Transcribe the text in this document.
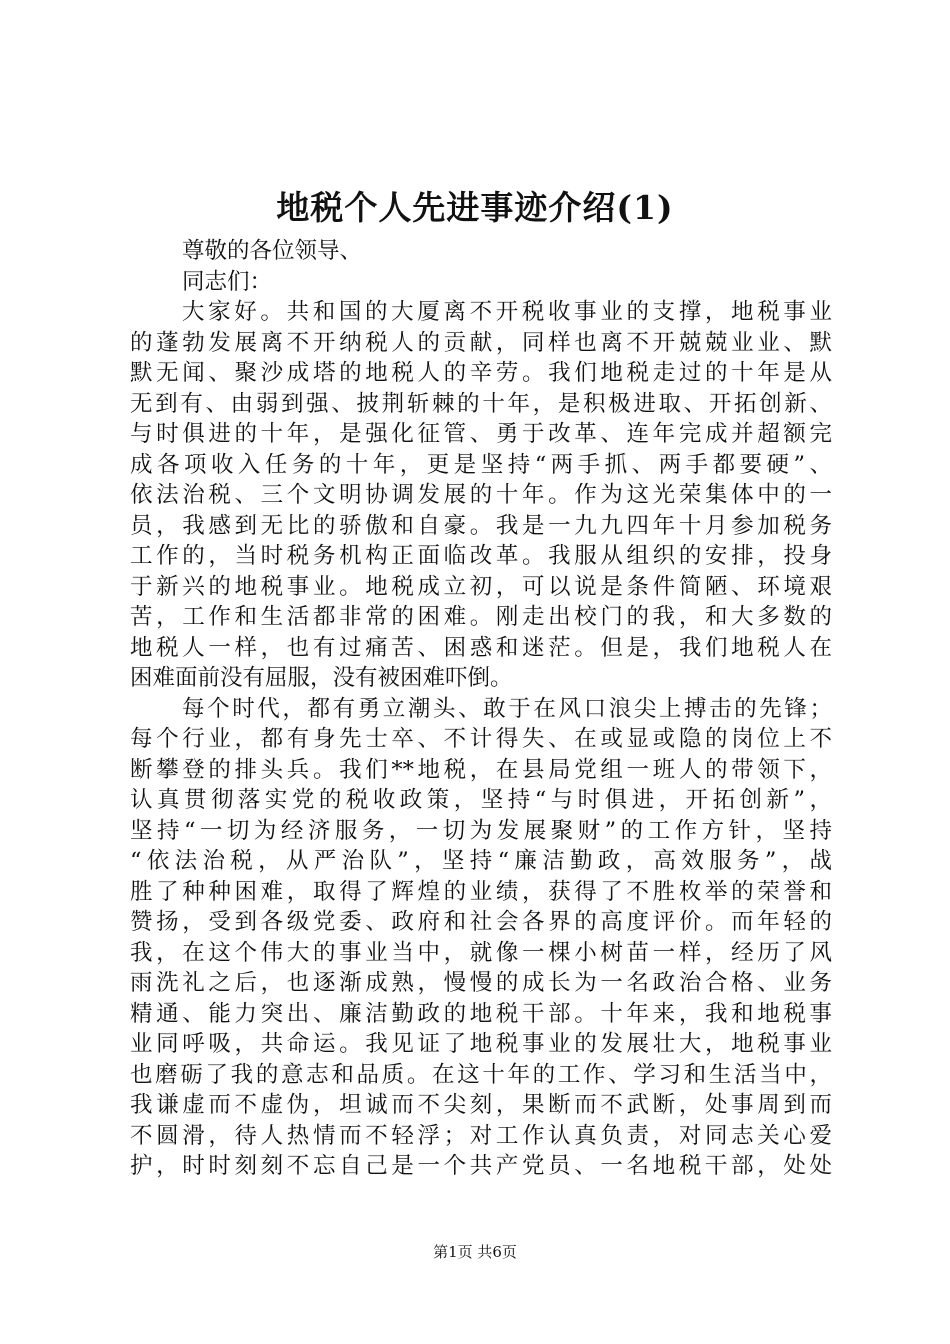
地税个人先进事迹介绍(1)
尊敬的各位领导、
同志们：
大家好。共和国的大厦离不开税收事业的支撑，地税事业
的蓬勃发展离不开纳税人的贡献，同样也离不开兢兢业业、默
默无闻、聚沙成塔的地税人的辛劳。我们地税走过的十年是从
无到有、由弱到强、披荆斩棘的十年，是积极进取、开拓创新、
与时俱进的十年，是强化征管、勇于改革、连年完成并超额完
成各项收入任务的十年，更是坚持“两手抓、两手都要硬”、
依法治税、三个文明协调发展的十年。作为这光荣集体中的一
员，我感到无比的骄傲和自豪。我是一九九四年十月参加税务
工作的，当时税务机构正面临改革。我服从组织的安排，投身
于新兴的地税事业。地税成立初，可以说是条件简陋、环境艰
苦，工作和生活都非常的困难。刚走出校门的我，和大多数的
地税人一样，也有过痛苦、困惑和迷茫。但是，我们地税人在
困难面前没有屈服，没有被困难吓倒。
每个时代，都有勇立潮头、敢于在风口浪尖上搏击的先锋；
每个行业，都有身先士卒、不计得失、在或显或隐的岗位上不
断攀登的排头兵。我们**地税，在县局党组一班人的带领下，
认真贯彻落实党的税收政策，坚持“与时俱进，开拓创新”，
坚持“一切为经济服务，一切为发展聚财”的工作方针，坚持
“依法治税，从严治队”，坚持“廉洁勤政，高效服务”，战
胜了种种困难，取得了辉煌的业绩，获得了不胜枚举的荣誉和
赞扬，受到各级党委、政府和社会各界的高度评价。而年轻的
我，在这个伟大的事业当中，就像一棵小树苗一样，经历了风
雨洗礼之后，也逐渐成熟，慢慢的成长为一名政治合格、业务
精通、能力突出、廉洁勤政的地税干部。十年来，我和地税事
业同呼吸，共命运。我见证了地税事业的发展壮大，地税事业
也磨砺了我的意志和品质。在这十年的工作、学习和生活当中，
我谦虚而不虚伪，坦诚而不尖刻，果断而不武断，处事周到而
不圆滑，待人热情而不轻浮；对工作认真负责，对同志关心爱
护，时时刻刻不忘自己是一个共产党员、一名地税干部，处处
第1页 共6页
